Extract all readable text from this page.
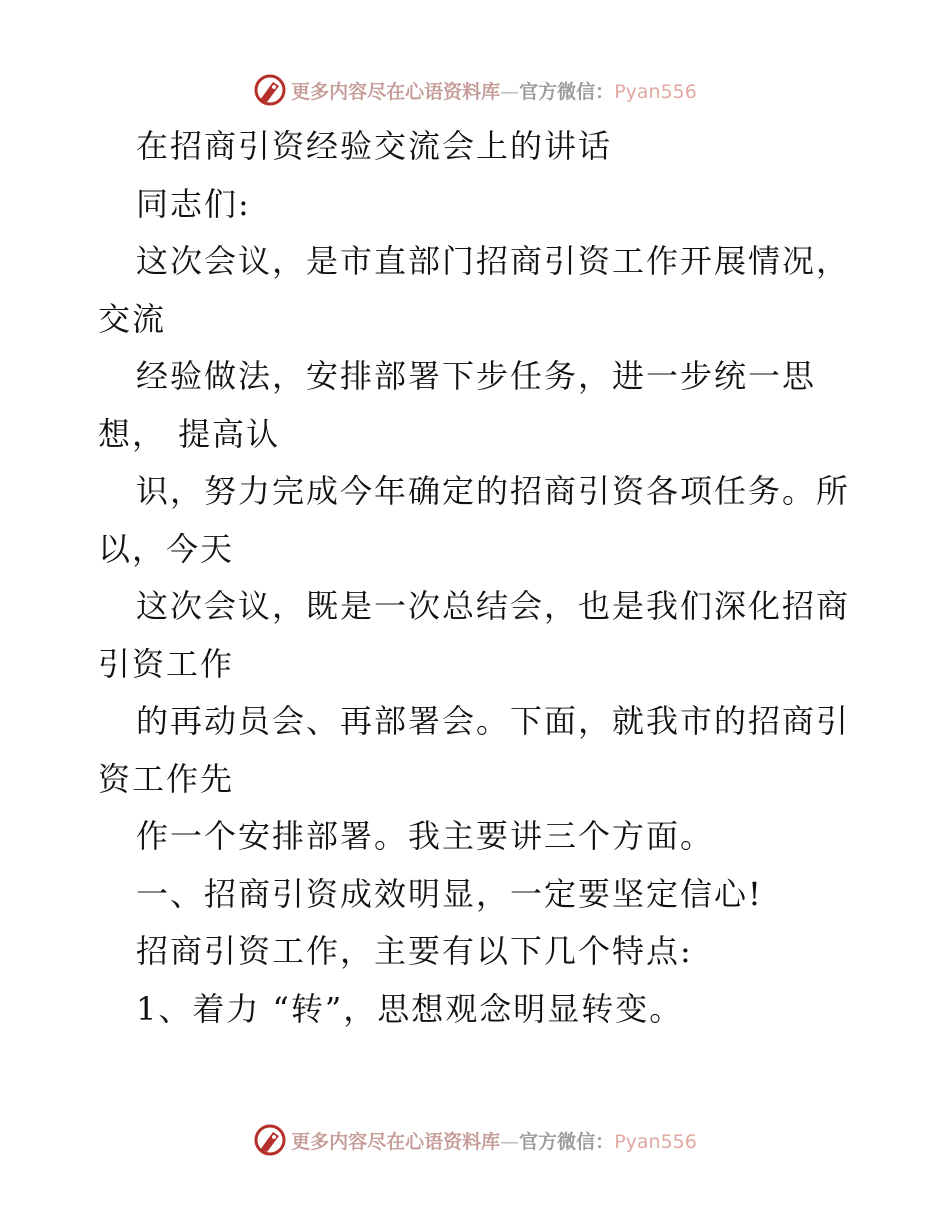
更多内容尽在心语资料库—官方微信：Pyan556
在招商引资经验交流会上的讲话
同志们:
这次会议，是市直部门招商引资工作开展情况，
交流
经验做法，安排部署下步任务，进一步统一思
想， 提高认
识，努力完成今年确定的招商引资各项任务。所
以，今天
这次会议，既是一次总结会，也是我们深化招商
引资工作
的再动员会、再部署会。下面，就我市的招商引
资工作先
作一个安排部署。我主要讲三个方面。
一、招商引资成效明显，一定要坚定信心!
招商引资工作，主要有以下几个特点:
1、着力 “转”，思想观念明显转变。
更多内容尽在心语资料库—官方微信：Pyan556
